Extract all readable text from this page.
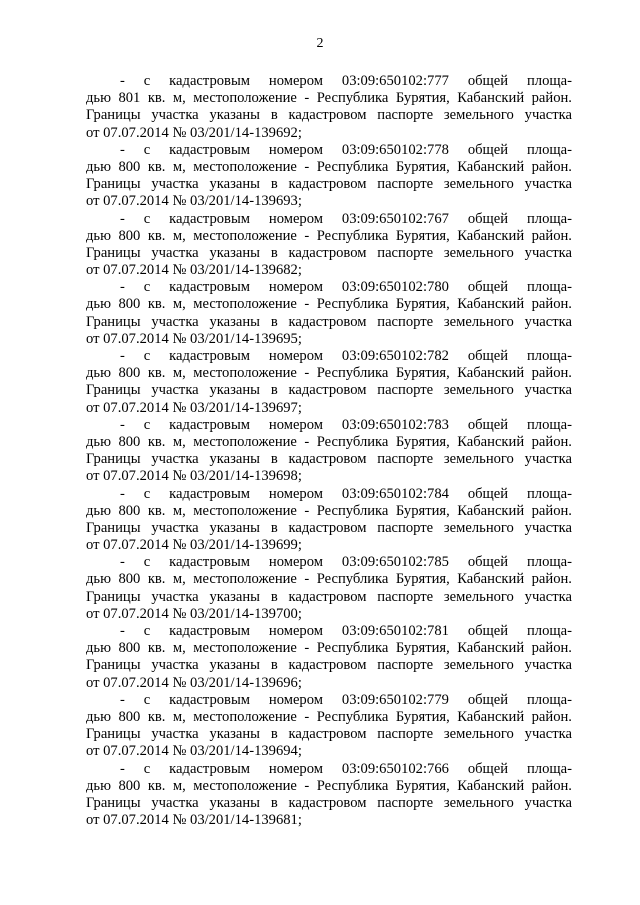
2
- с кадастровым номером 03:09:650102:777 общей площа-
дью 801 кв. м, местоположение - Республика Бурятия, Кабанский район.
Границы участка указаны в кадастровом паспорте земельного участка
от 07.07.2014 № 03/201/14-139692;
- с кадастровым номером 03:09:650102:778 общей площа-
дью 800 кв. м, местоположение - Республика Бурятия, Кабанский район.
Границы участка указаны в кадастровом паспорте земельного участка
от 07.07.2014 № 03/201/14-139693;
- с кадастровым номером 03:09:650102:767 общей площа-
дью 800 кв. м, местоположение - Республика Бурятия, Кабанский район.
Границы участка указаны в кадастровом паспорте земельного участка
от 07.07.2014 № 03/201/14-139682;
- с кадастровым номером 03:09:650102:780 общей площа-
дью 800 кв. м, местоположение - Республика Бурятия, Кабанский район.
Границы участка указаны в кадастровом паспорте земельного участка
от 07.07.2014 № 03/201/14-139695;
- с кадастровым номером 03:09:650102:782 общей площа-
дью 800 кв. м, местоположение - Республика Бурятия, Кабанский район.
Границы участка указаны в кадастровом паспорте земельного участка
от 07.07.2014 № 03/201/14-139697;
- с кадастровым номером 03:09:650102:783 общей площа-
дью 800 кв. м, местоположение - Республика Бурятия, Кабанский район.
Границы участка указаны в кадастровом паспорте земельного участка
от 07.07.2014 № 03/201/14-139698;
- с кадастровым номером 03:09:650102:784 общей площа-
дью 800 кв. м, местоположение - Республика Бурятия, Кабанский район.
Границы участка указаны в кадастровом паспорте земельного участка
от 07.07.2014 № 03/201/14-139699;
- с кадастровым номером 03:09:650102:785 общей площа-
дью 800 кв. м, местоположение - Республика Бурятия, Кабанский район.
Границы участка указаны в кадастровом паспорте земельного участка
от 07.07.2014 № 03/201/14-139700;
- с кадастровым номером 03:09:650102:781 общей площа-
дью 800 кв. м, местоположение - Республика Бурятия, Кабанский район.
Границы участка указаны в кадастровом паспорте земельного участка
от 07.07.2014 № 03/201/14-139696;
- с кадастровым номером 03:09:650102:779 общей площа-
дью 800 кв. м, местоположение - Республика Бурятия, Кабанский район.
Границы участка указаны в кадастровом паспорте земельного участка
от 07.07.2014 № 03/201/14-139694;
- с кадастровым номером 03:09:650102:766 общей площа-
дью 800 кв. м, местоположение - Республика Бурятия, Кабанский район.
Границы участка указаны в кадастровом паспорте земельного участка
от 07.07.2014 № 03/201/14-139681;
